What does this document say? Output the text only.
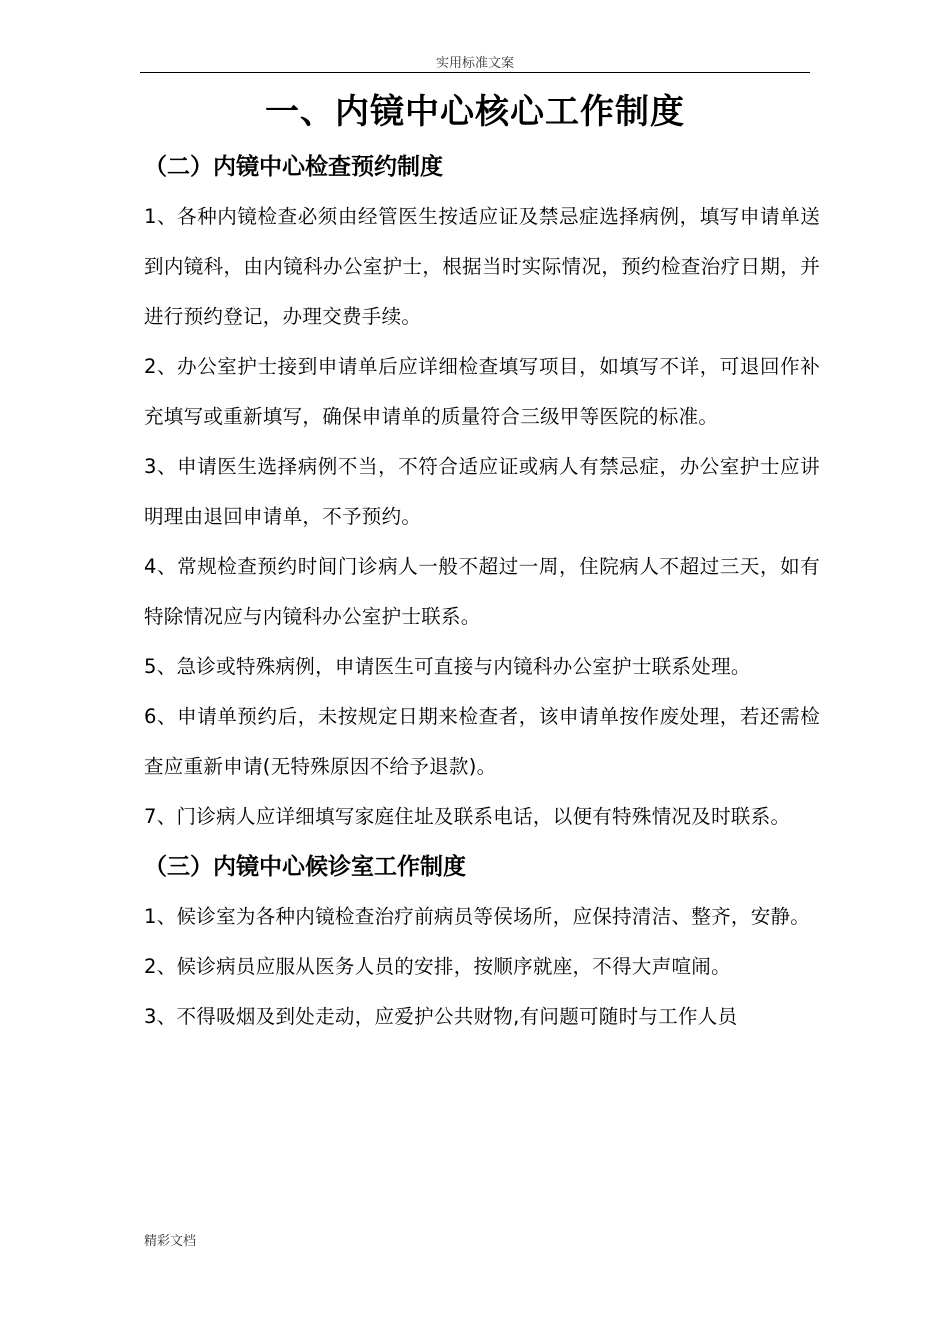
实用标准文案
一、内镜中心核心工作制度
（二）内镜中心检查预约制度

1、各种内镜检查必须由经管医生按适应证及禁忌症选择病例，填写申请单送到内镜科，由内镜科办公室护士，根据当时实际情况，预约检查治疗日期，并进行预约登记，办理交费手续。

2、办公室护士接到申请单后应详细检查填写项目，如填写不详，可退回作补充填写或重新填写，确保申请单的质量符合三级甲等医院的标准。

3、申请医生选择病例不当，不符合适应证或病人有禁忌症，办公室护士应讲明理由退回申请单，不予预约。

4、常规检查预约时间门诊病人一般不超过一周，住院病人不超过三天，如有特除情况应与内镜科办公室护士联系。

5、急诊或特殊病例，申请医生可直接与内镜科办公室护士联系处理。

6、申请单预约后，未按规定日期来检查者，该申请单按作废处理，若还需检查应重新申请(无特殊原因不给予退款)。

7、门诊病人应详细填写家庭住址及联系电话，以便有特殊情况及时联系。

（三）内镜中心候诊室工作制度

1、候诊室为各种内镜检查治疗前病员等侯场所，应保持清洁、整齐，安静。

2、候诊病员应服从医务人员的安排，按顺序就座，不得大声喧闹。

3、不得吸烟及到处走动，应爱护公共财物,有问题可随时与工作人员

精彩文档
